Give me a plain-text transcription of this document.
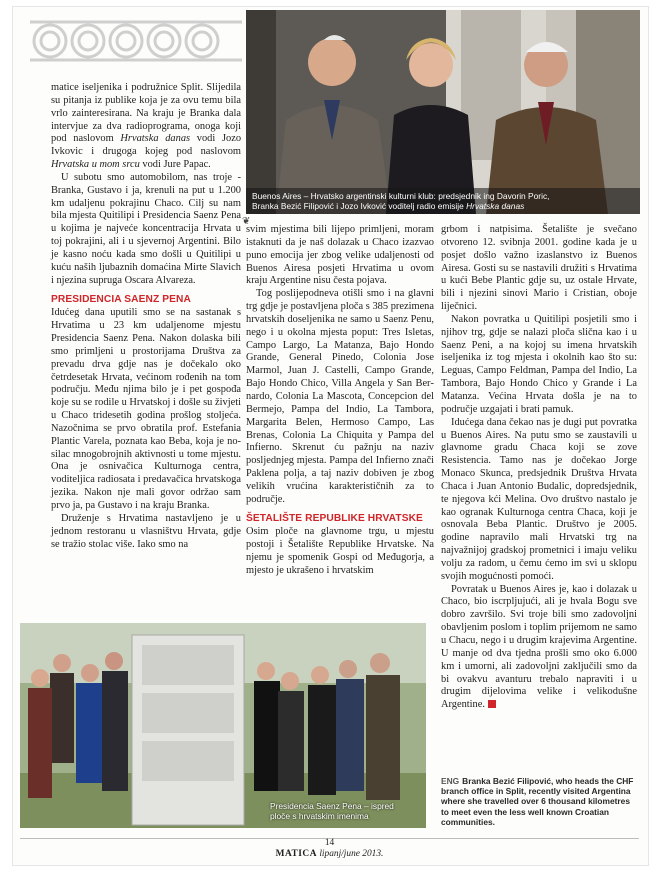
Buenos Aires – Hrvatsko argentinski kulturni klub: predsjednik ing Davorin Poric,
Branka Bezić Filipović i Jozo Ivković voditelj radio emisije Hrvatska danas
❦

matice iseljenika i podružnice Split. Slijedila su pitanja iz publike koja je za ovu temu bila vrlo zainteresirana. Na kraju je Branka dala intervjue za dva radioprograma, onoga koji pod naslovom Hrvatska danas vodi Jozo Ivkovic i drugoga kojeg pod naslovom Hrvatska u mom srcu vodi Jure Papac.

U subotu smo automobilom, nas troje - Branka, Gustavo i ja, krenuli na put u 1.200 km udaljenu pokrajinu Chaco. Cilj su nam bila mjesta Quitilipi i Presidencia Saenz Pena u kojima je najveće koncentracija Hrvata u toj pokrajini, ali i u sjevernoj Argentini. Bilo je kasno noću kada smo došli u Quitilipi u kuću naših ljubaznih domaćina Mirte Slavich i njezina supruga Oscara Alvareza.

PRESIDENCIA SAENZ PENA

Idućeg dana uputili smo se na sastanak s Hrvatima u 23 km udaljenome mjestu Presidencia Saenz Pena. Nakon dolaska bili smo primljeni u prostorijama Društva za prevadu drva gdje nas je dočekalo oko četrdesetak Hrvata, većinom rođenih na tom području. Među njima bilo je i pet gospođa koje su se rodile u Hrvatskoj i došle su živjeti u Chaco tridesetih godina prošlog stoljeća. Nazočnima se prvo obratila prof. Estefania Plantic Varela, poznata kao Beba, koja je nosilac mnogobrojnih aktivnosti u tome mjestu. Ona je osnivačica Kulturnoga centra, voditeljica radiosata i predavačica hrvatskoga jezika. Nakon nje mali govor održao sam prvo ja, pa Gustavo i na kraju Branka.

Druženje s Hrvatima nastavljeno je u jednom restoranu u vlasništvu Hrvata, gdje se tražio stolac više. Iako smo na

svim mjestima bili lijepo primljeni, moram istaknuti da je naš dolazak u Chaco izazvao puno emocija jer zbog velike udaljenosti od Buenos Airesa posjeti Hrvatima u ovom kraju Argentine nisu česta pojava.

Tog poslijepodneva otišli smo i na glavni trg gdje je postavljena ploča s 385 prezimena hrvatskih doseljenika ne samo u Saenz Penu, nego i u okolna mjesta poput: Tres Isletas, Campo Largo, La Matanza, Bajo Hondo Grande, General Pinedo, Colonia Jose Marmol, Juan J. Castelli, Campo Grande, Bajo Hondo Chico, Villa Angela y San Bernardo, Colonia La Mascota, Concepcion del Bermejo, Pampa del Indio, La Tambora, Margarita Belen, Hermoso Campo, Las Brenas, Colonia La Chiquita y Pampa del Infierno. Skrenut ću pažnju na naziv posljednjeg mjesta. Pampa del Infierno znači Paklena polja, a taj naziv dobiven je zbog velikih vrućina karakterističnih za to područje.

ŠETALIŠTE REPUBLIKE HRVATSKE

Osim ploče na glavnome trgu, u mjestu postoji i Šetalište Republike Hrvatske. Na njemu je spomenik Gospi od Međugorja, a mjesto je ukrašeno i hrvatskim

grbom i natpisima. Šetalište je svečano otvoreno 12. svibnja 2001. godine kada je u posjet došlo važno izaslanstvo iz Buenos Airesa. Gosti su se nastavili družiti s Hrvatima u kući Bebe Plantic gdje su, uz ostale Hrvate, bili i njezini sinovi Mario i Cristian, oboje liječnici.

Nakon povratka u Quitilipi posjetili smo i njihov trg, gdje se nalazi ploča slična kao i u Saenz Peni, a na kojoj su imena hrvatskih iseljenika iz tog mjesta i okolnih kao što su: Leguas, Campo Feldman, Pampa del Indio, La Tambora, Bajo Hondo Chico y Grande i La Matanza. Većina Hrvata došla je na to područje uzgajati i brati pamuk.

Idućega dana čekao nas je dugi put povratka u Buenos Aires. Na putu smo se zaustavili u glavnome gradu Chaca koji se zove Resistencia. Tamo nas je dočekao Jorge Monaco Skunca, predsjednik Društva Hrvata Chaca i Juan Antonio Budalic, dopredsjednik, te njegova kći Melina. Ovo društvo nastalo je kao ogranak Kulturnoga centra Chaca, koji je osnovala Beba Plantic. Društvo je 2005. godine napravilo mali Hrvatski trg na najvažnijoj gradskoj prometnici i imaju veliku volju za radom, u čemu ćemo im svi u sklopu svojih mogućnosti pomoći.

Povratak u Buenos Aires je, kao i dolazak u Chaco, bio iscrpljujući, ali je hvala Bogu sve dobro završilo. Svi troje bili smo zadovoljni obavljenim poslom i toplim prijemom ne samo u Chacu, nego i u drugim krajevima Argentine. U manje od dva tjedna prošli smo oko 6.000 km i umorni, ali zadovoljni zaključili smo da bi ovakvu avanturu trebalo napraviti i u drugim dijelovima velike i velikodušne Argentine.

Presidencia Saenz Pena – ispred
ploče s hrvatskim imenima
ENG Branka Bezić Filipović, who heads the CHF branch office in Split, recently visited Argentina where she travelled over 6 thousand kilometres to meet even the less well known Croatian communities.
14
MATICA lipanj/june 2013.
